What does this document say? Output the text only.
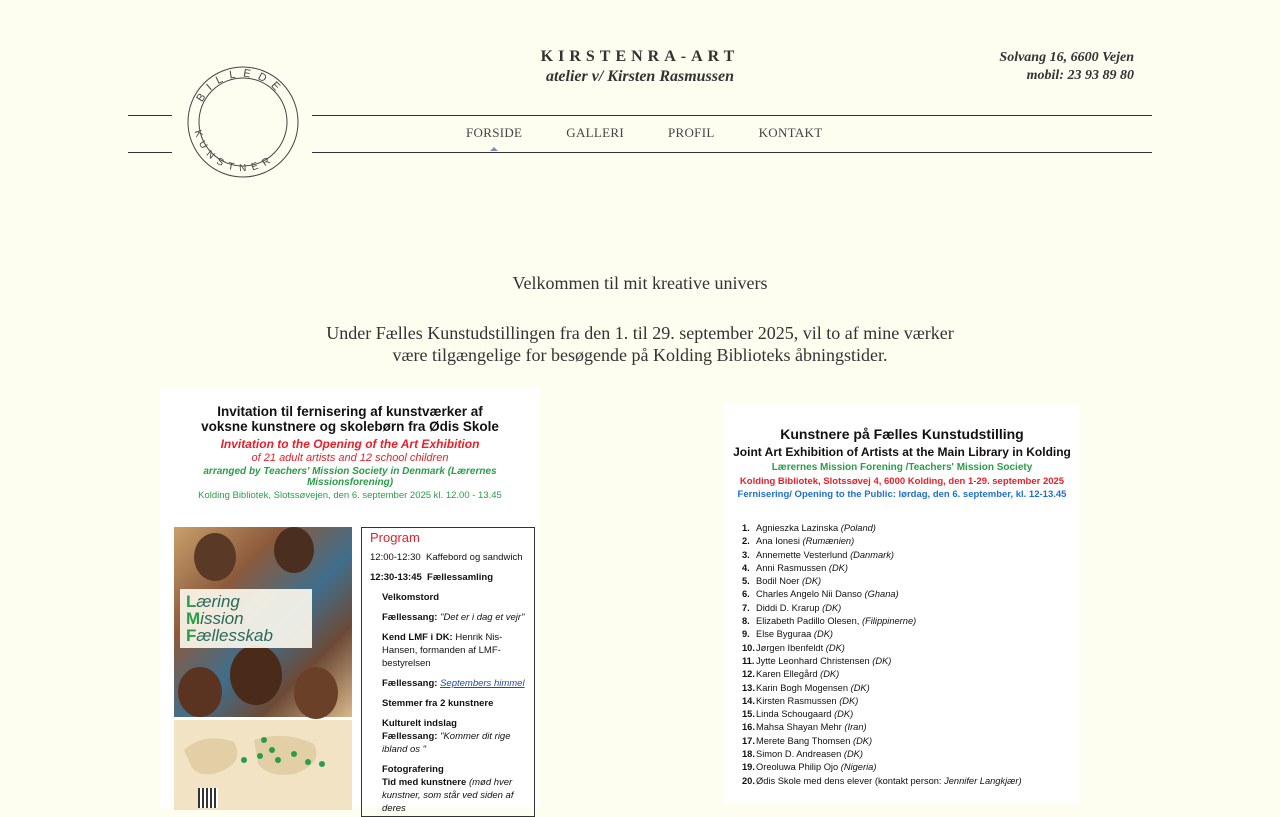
KIRSTENRA-ART
atelier v/ Kirsten Rasmussen
Solvang 16, 6600 Vejen
mobil: 23 93 89 80
FORSIDE	GALLERI	PROFIL	KONTAKT
BILLEDE
KUNSTNER
Velkommen til mit kreative univers
Under Fælles Kunstudstillingen fra den 1. til 29. september 2025, vil to af mine værker være tilgængelige for besøgende på Kolding Biblioteks åbningstider.
Invitation til fernisering af kunstværker af
voksne kunstnere og skolebørn fra Ødis Skole
Invitation to the Opening of the Art Exhibition
of 21 adult artists and 12 school children
arranged by Teachers' Mission Society in Denmark (Lærernes Missionsforening)
Kolding Bibliotek, Slotssøvejen, den 6. september 2025 kl. 12.00 - 13.45
Læring
Mission
Fællesskab
Program
12:00-12:30 Kaffebord og sandwich
12:30-13:45 Fællessamling
Velkomstord
Fællessang: "Det er i dag et vejr"
Kend LMF i DK: Henrik Nis-Hansen, formanden af LMF-bestyrelsen
Fællessang: Septembers himmel
Stemmer fra 2 kunstnere
Kulturelt indslag
Fællessang: "Kommer dit rige ibland os "
Fotografering
Tid med kunstnere (mød hver kunstner, som står ved siden af deres
Kunstnere på Fælles Kunstudstilling
Joint Art Exhibition of Artists at the Main Library in Kolding
Lærernes Mission Forening /Teachers' Mission Society
Kolding Bibliotek, Slotssøvej 4, 6000 Kolding, den 1-29. september 2025
Fernisering/ Opening to the Public: lørdag, den 6. september, kl. 12-13.45
1. Agnieszka Lazinska (Poland)
2. Ana Ionesi (Rumænien)
3. Annemette Vesterlund (Danmark)
4. Anni Rasmussen (DK)
5. Bodil Noer (DK)
6. Charles Angelo Nii Danso (Ghana)
7. Diddi D. Krarup (DK)
8. Elizabeth Padillo Olesen, (Filippinerne)
9. Else Byguraa (DK)
10.Jørgen Ibenfeldt (DK)
11. Jytte Leonhard Christensen (DK)
12.Karen Ellegård (DK)
13.Karin Bogh Mogensen (DK)
14.Kirsten Rasmussen (DK)
15.Linda Schougaard (DK)
16.Mahsa Shayan Mehr (Iran)
17.Merete Bang Thomsen (DK)
18.Simon D. Andreasen (DK)
19.Oreoluwa Philip Ojo (Nigeria)
20.Ødis Skole med dens elever (kontakt person: Jennifer Langkjær)
